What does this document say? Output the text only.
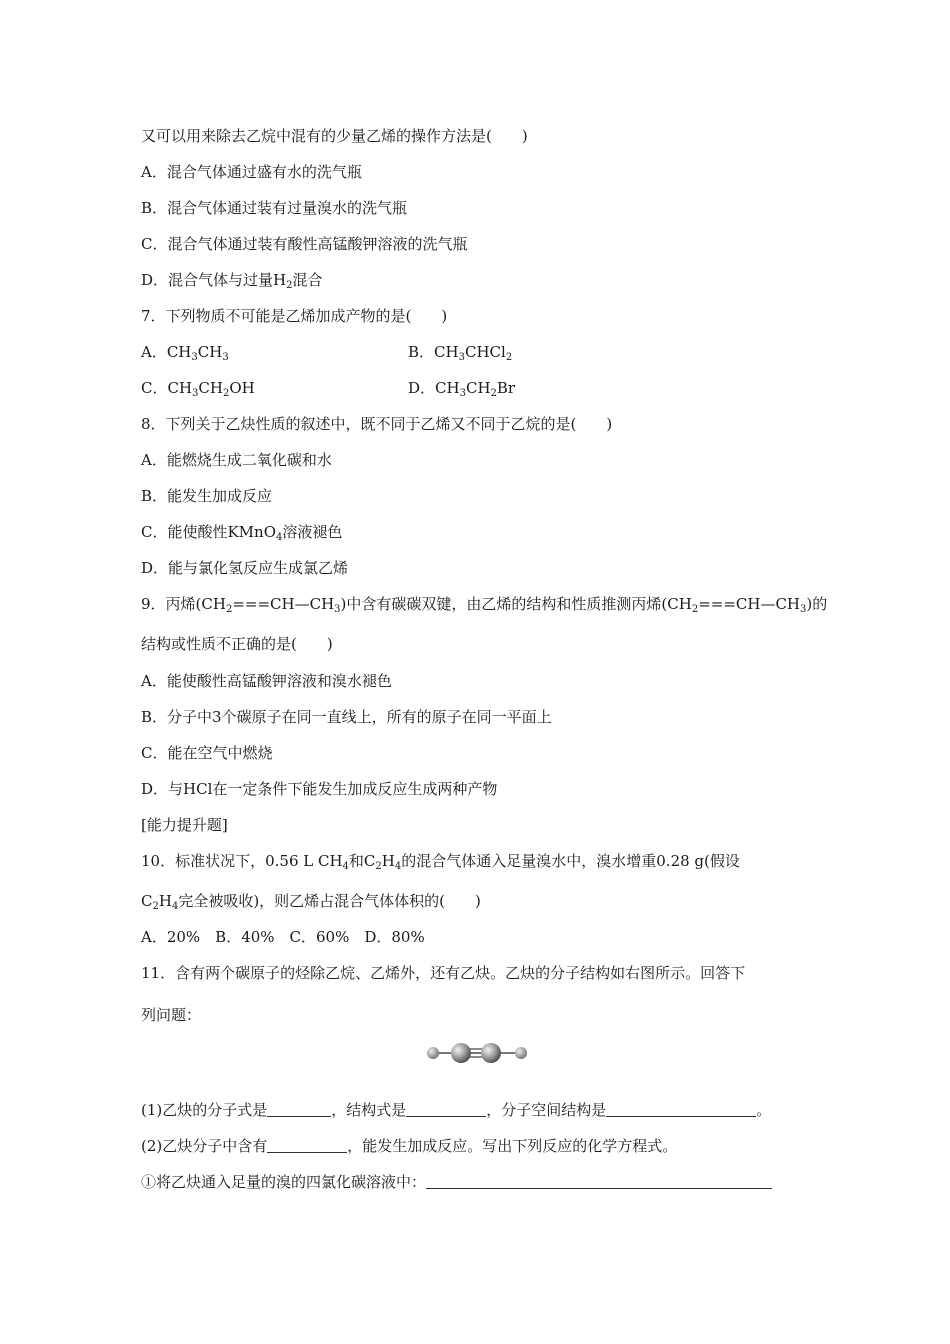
又可以用来除去乙烷中混有的少量乙烯的操作方法是(　　)
A．混合气体通过盛有水的洗气瓶
B．混合气体通过装有过量溴水的洗气瓶
C．混合气体通过装有酸性高锰酸钾溶液的洗气瓶
D．混合气体与过量$H_2$混合
7．下列物质不可能是乙烯加成产物的是(　　)
A．$CH_3CH_3$	B．$CH_3CHCl_2$
C．$CH_3CH_2OH$	D．$CH_3CH_2Br$
8．下列关于乙炔性质的叙述中，既不同于乙烯又不同于乙烷的是(　　)
A．能燃烧生成二氧化碳和水
B．能发生加成反应
C．能使酸性KMnO$_4$溶液褪色
D．能与氯化氢反应生成氯乙烯
9．丙烯$(CH_2===CH—CH_3)$中含有碳碳双键，由乙烯的结构和性质推测丙烯$(CH_2===CH—CH_3)$的
结构或性质不正确的是(　　)
A．能使酸性高锰酸钾溶液和溴水褪色
B．分子中3个碳原子在同一直线上，所有的原子在同一平面上
C．能在空气中燃烧
D．与HCl在一定条件下能发生加成反应生成两种产物
[能力提升题]
10．标准状况下，0.56 L $CH_4$和$C_2H_4$的混合气体通入足量溴水中，溴水增重0.28 g(假设
$C_2H_4$完全被吸收)，则乙烯占混合气体体积的(　　)
A．20%　B．40%　C．60%　D．80%
11．含有两个碳原子的烃除乙烷、乙烯外，还有乙炔。乙炔的分子结构如右图所示。回答下
列问题：
(1)乙炔的分子式是	，结构式是	，分子空间结构是	。
(2)乙炔分子中含有	，能发生加成反应。写出下列反应的化学方程式。
①将乙炔通入足量的溴的四氯化碳溶液中：
